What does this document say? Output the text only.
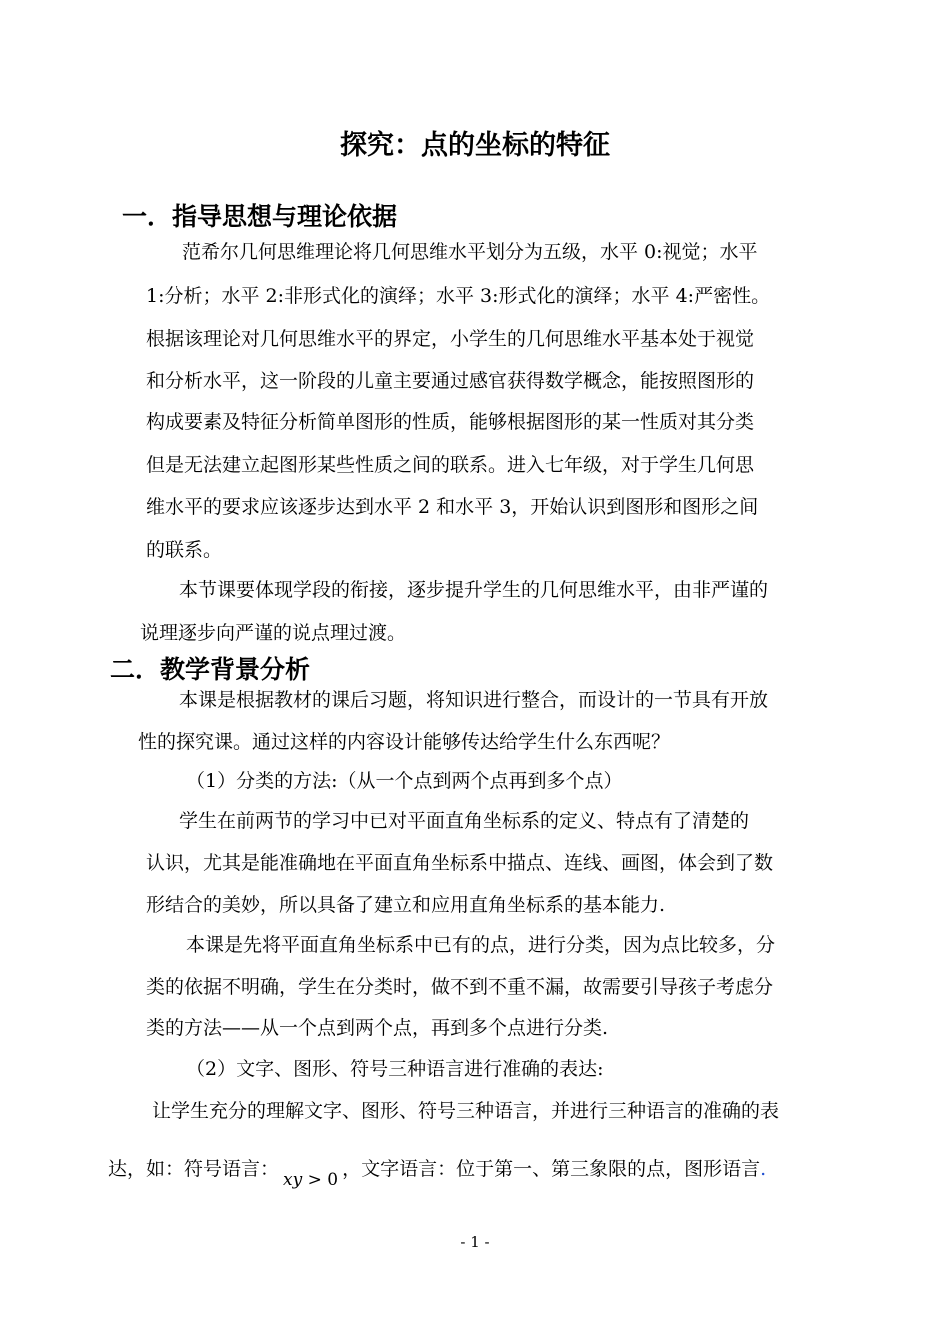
探究：点的坐标的特征
一．指导思想与理论依据

范希尔几何思维理论将几何思维水平划分为五级，水平 0:视觉；水平

1:分析；水平 2:非形式化的演绎；水平 3:形式化的演绎；水平 4:严密性。

根据该理论对几何思维水平的界定，小学生的几何思维水平基本处于视觉

和分析水平，这一阶段的儿童主要通过感官获得数学概念，能按照图形的

构成要素及特征分析简单图形的性质，能够根据图形的某一性质对其分类

但是无法建立起图形某些性质之间的联系。进入七年级，对于学生几何思

维水平的要求应该逐步达到水平 2 和水平 3，开始认识到图形和图形之间

的联系。

本节课要体现学段的衔接，逐步提升学生的几何思维水平，由非严谨的

说理逐步向严谨的说点理过渡。

二．教学背景分析

本课是根据教材的课后习题，将知识进行整合，而设计的一节具有开放

性的探究课。通过这样的内容设计能够传达给学生什么东西呢？

（1）分类的方法:（从一个点到两个点再到多个点）

学生在前两节的学习中已对平面直角坐标系的定义、特点有了清楚的

认识，尤其是能准确地在平面直角坐标系中描点、连线、画图，体会到了数

形结合的美妙，所以具备了建立和应用直角坐标系的基本能力.

本课是先将平面直角坐标系中已有的点，进行分类，因为点比较多，分

类的依据不明确，学生在分类时，做不到不重不漏，故需要引导孩子考虑分

类的方法——从一个点到两个点，再到多个点进行分类.

（2）文字、图形、符号三种语言进行准确的表达:

让学生充分的理解文字、图形、符号三种语言，并进行三种语言的准确的表

达，如：符号语言： xy > 0 ，文字语言：位于第一、第三象限的点，图形语言.

- 1 -
